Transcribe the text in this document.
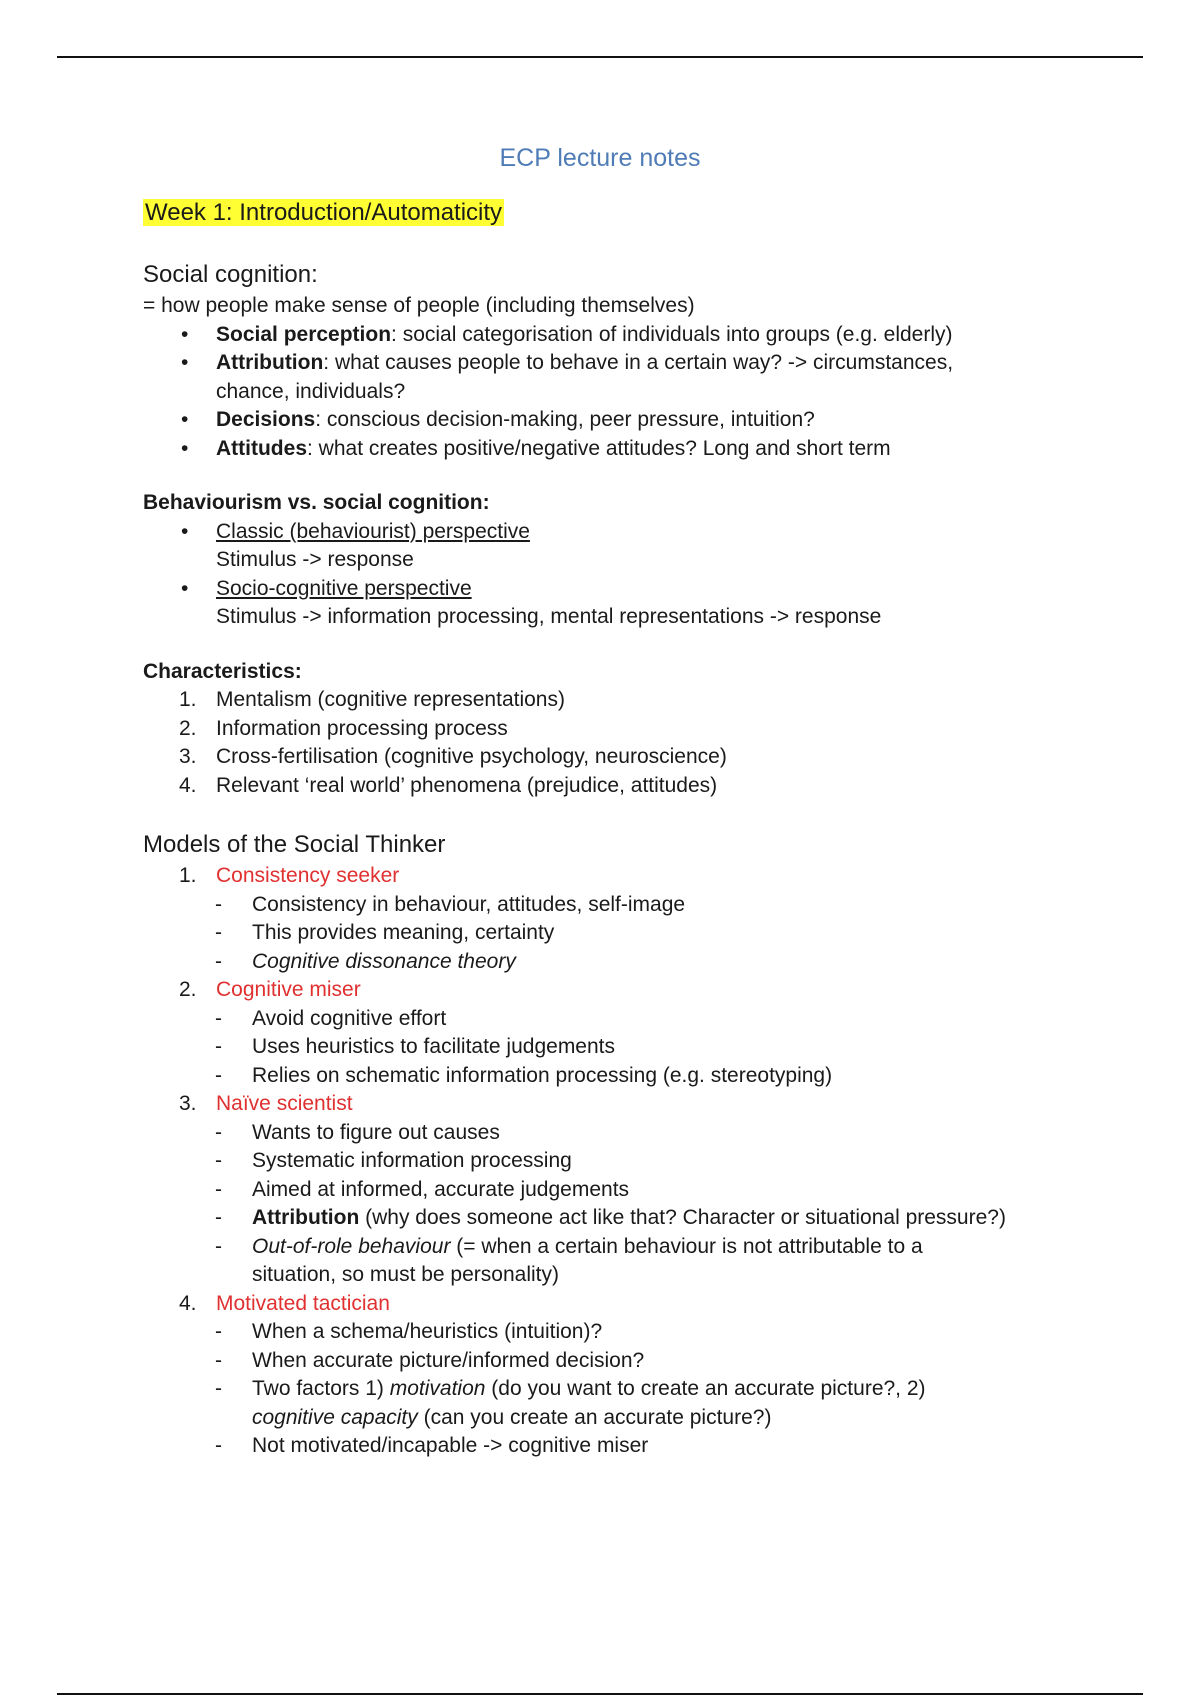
ECP lecture notes
Week 1: Introduction/Automaticity
Social cognition:
= how people make sense of people (including themselves)
• Social perception: social categorisation of individuals into groups (e.g. elderly)
• Attribution: what causes people to behave in a certain way? -> circumstances, chance, individuals?
• Decisions: conscious decision-making, peer pressure, intuition?
• Attitudes: what creates positive/negative attitudes? Long and short term
Behaviourism vs. social cognition:
• Classic (behaviourist) perspective
Stimulus -> response
• Socio-cognitive perspective
Stimulus -> information processing, mental representations -> response
Characteristics:
1. Mentalism (cognitive representations)
2. Information processing process
3. Cross-fertilisation (cognitive psychology, neuroscience)
4. Relevant ‘real world’ phenomena (prejudice, attitudes)
Models of the Social Thinker
1. Consistency seeker
- Consistency in behaviour, attitudes, self-image
- This provides meaning, certainty
- Cognitive dissonance theory
2. Cognitive miser
- Avoid cognitive effort
- Uses heuristics to facilitate judgements
- Relies on schematic information processing (e.g. stereotyping)
3. Naïve scientist
- Wants to figure out causes
- Systematic information processing
- Aimed at informed, accurate judgements
- Attribution (why does someone act like that? Character or situational pressure?)
- Out-of-role behaviour (= when a certain behaviour is not attributable to a situation, so must be personality)
4. Motivated tactician
- When a schema/heuristics (intuition)?
- When accurate picture/informed decision?
- Two factors 1) motivation (do you want to create an accurate picture?, 2) cognitive capacity (can you create an accurate picture?)
- Not motivated/incapable -> cognitive miser
